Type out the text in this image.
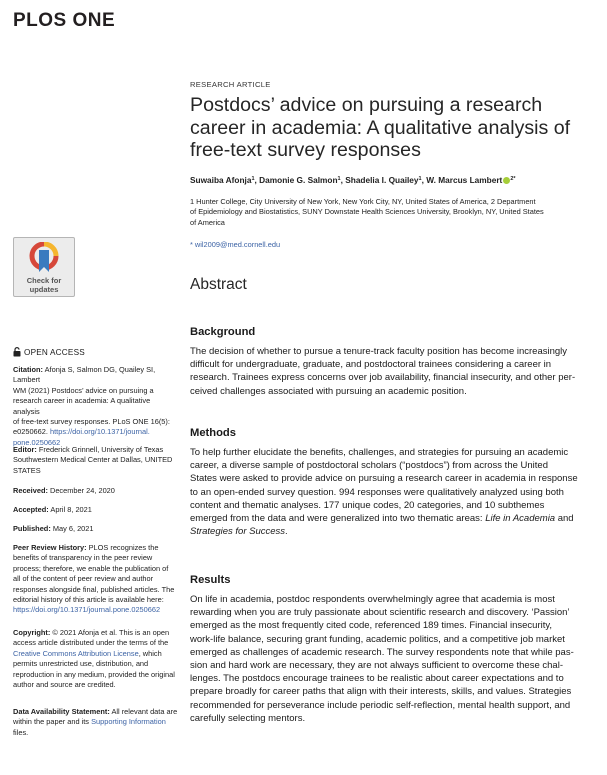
PLOS ONE
Check for
updates
OPEN ACCESS
Citation: Afonja S, Salmon DG, Quailey SI, Lambert
WM (2021) Postdocs’ advice on pursuing a
research career in academia: A qualitative analysis
of free-text survey responses. PLoS ONE 16(5):
e0250662. https://doi.org/10.1371/journal.
pone.0250662
Editor: Frederick Grinnell, University of Texas
Southwestern Medical Center at Dallas, UNITED
STATES
Received: December 24, 2020
Accepted: April 8, 2021
Published: May 6, 2021
Peer Review History: PLOS recognizes the
benefits of transparency in the peer review
process; therefore, we enable the publication of
all of the content of peer review and author
responses alongside final, published articles. The
editorial history of this article is available here:
https://doi.org/10.1371/journal.pone.0250662
Copyright: © 2021 Afonja et al. This is an open
access article distributed under the terms of the
Creative Commons Attribution License, which
permits unrestricted use, distribution, and
reproduction in any medium, provided the original
author and source are credited.
Data Availability Statement: All relevant data are
within the paper and its Supporting Information
files.
RESEARCH ARTICLE
Postdocs’ advice on pursuing a research
career in academia: A qualitative analysis of
free-text survey responses
Suwaiba Afonja$^1$, Damonie G. Salmon$^1$, Shadelia I. Quailey$^1$, W. Marcus Lambert $^{2*}$
1 Hunter College, City University of New York, New York City, NY, United States of America, 2 Department
of Epidemiology and Biostatistics, SUNY Downstate Health Sciences University, Brooklyn, NY, United States
of America
* wil2009@med.cornell.edu
Abstract
Background
The decision of whether to pursue a tenure-track faculty position has become increasingly
difficult for undergraduate, graduate, and postdoctoral trainees considering a career in
research. Trainees express concerns over job availability, financial insecurity, and other per-
ceived challenges associated with pursuing an academic position.
Methods
To help further elucidate the benefits, challenges, and strategies for pursuing an academic
career, a diverse sample of postdoctoral scholars (“postdocs”) from across the United
States were asked to provide advice on pursuing a research career in academia in response
to an open-ended survey question. 994 responses were qualitatively analyzed using both
content and thematic analyses. 177 unique codes, 20 categories, and 10 subthemes
emerged from the data and were generalized into two thematic areas: Life in Academia and
Strategies for Success.
Results
On life in academia, postdoc respondents overwhelmingly agree that academia is most
rewarding when you are truly passionate about scientific research and discovery. ‘Passion’
emerged as the most frequently cited code, referenced 189 times. Financial insecurity,
work-life balance, securing grant funding, academic politics, and a competitive job market
emerged as challenges of academic research. The survey respondents note that while pas-
sion and hard work are necessary, they are not always sufficient to overcome these chal-
lenges. The postdocs encourage trainees to be realistic about career expectations and to
prepare broadly for career paths that align with their interests, skills, and values. Strategies
recommended for perseverance include periodic self-reflection, mental health support, and
carefully selecting mentors.
